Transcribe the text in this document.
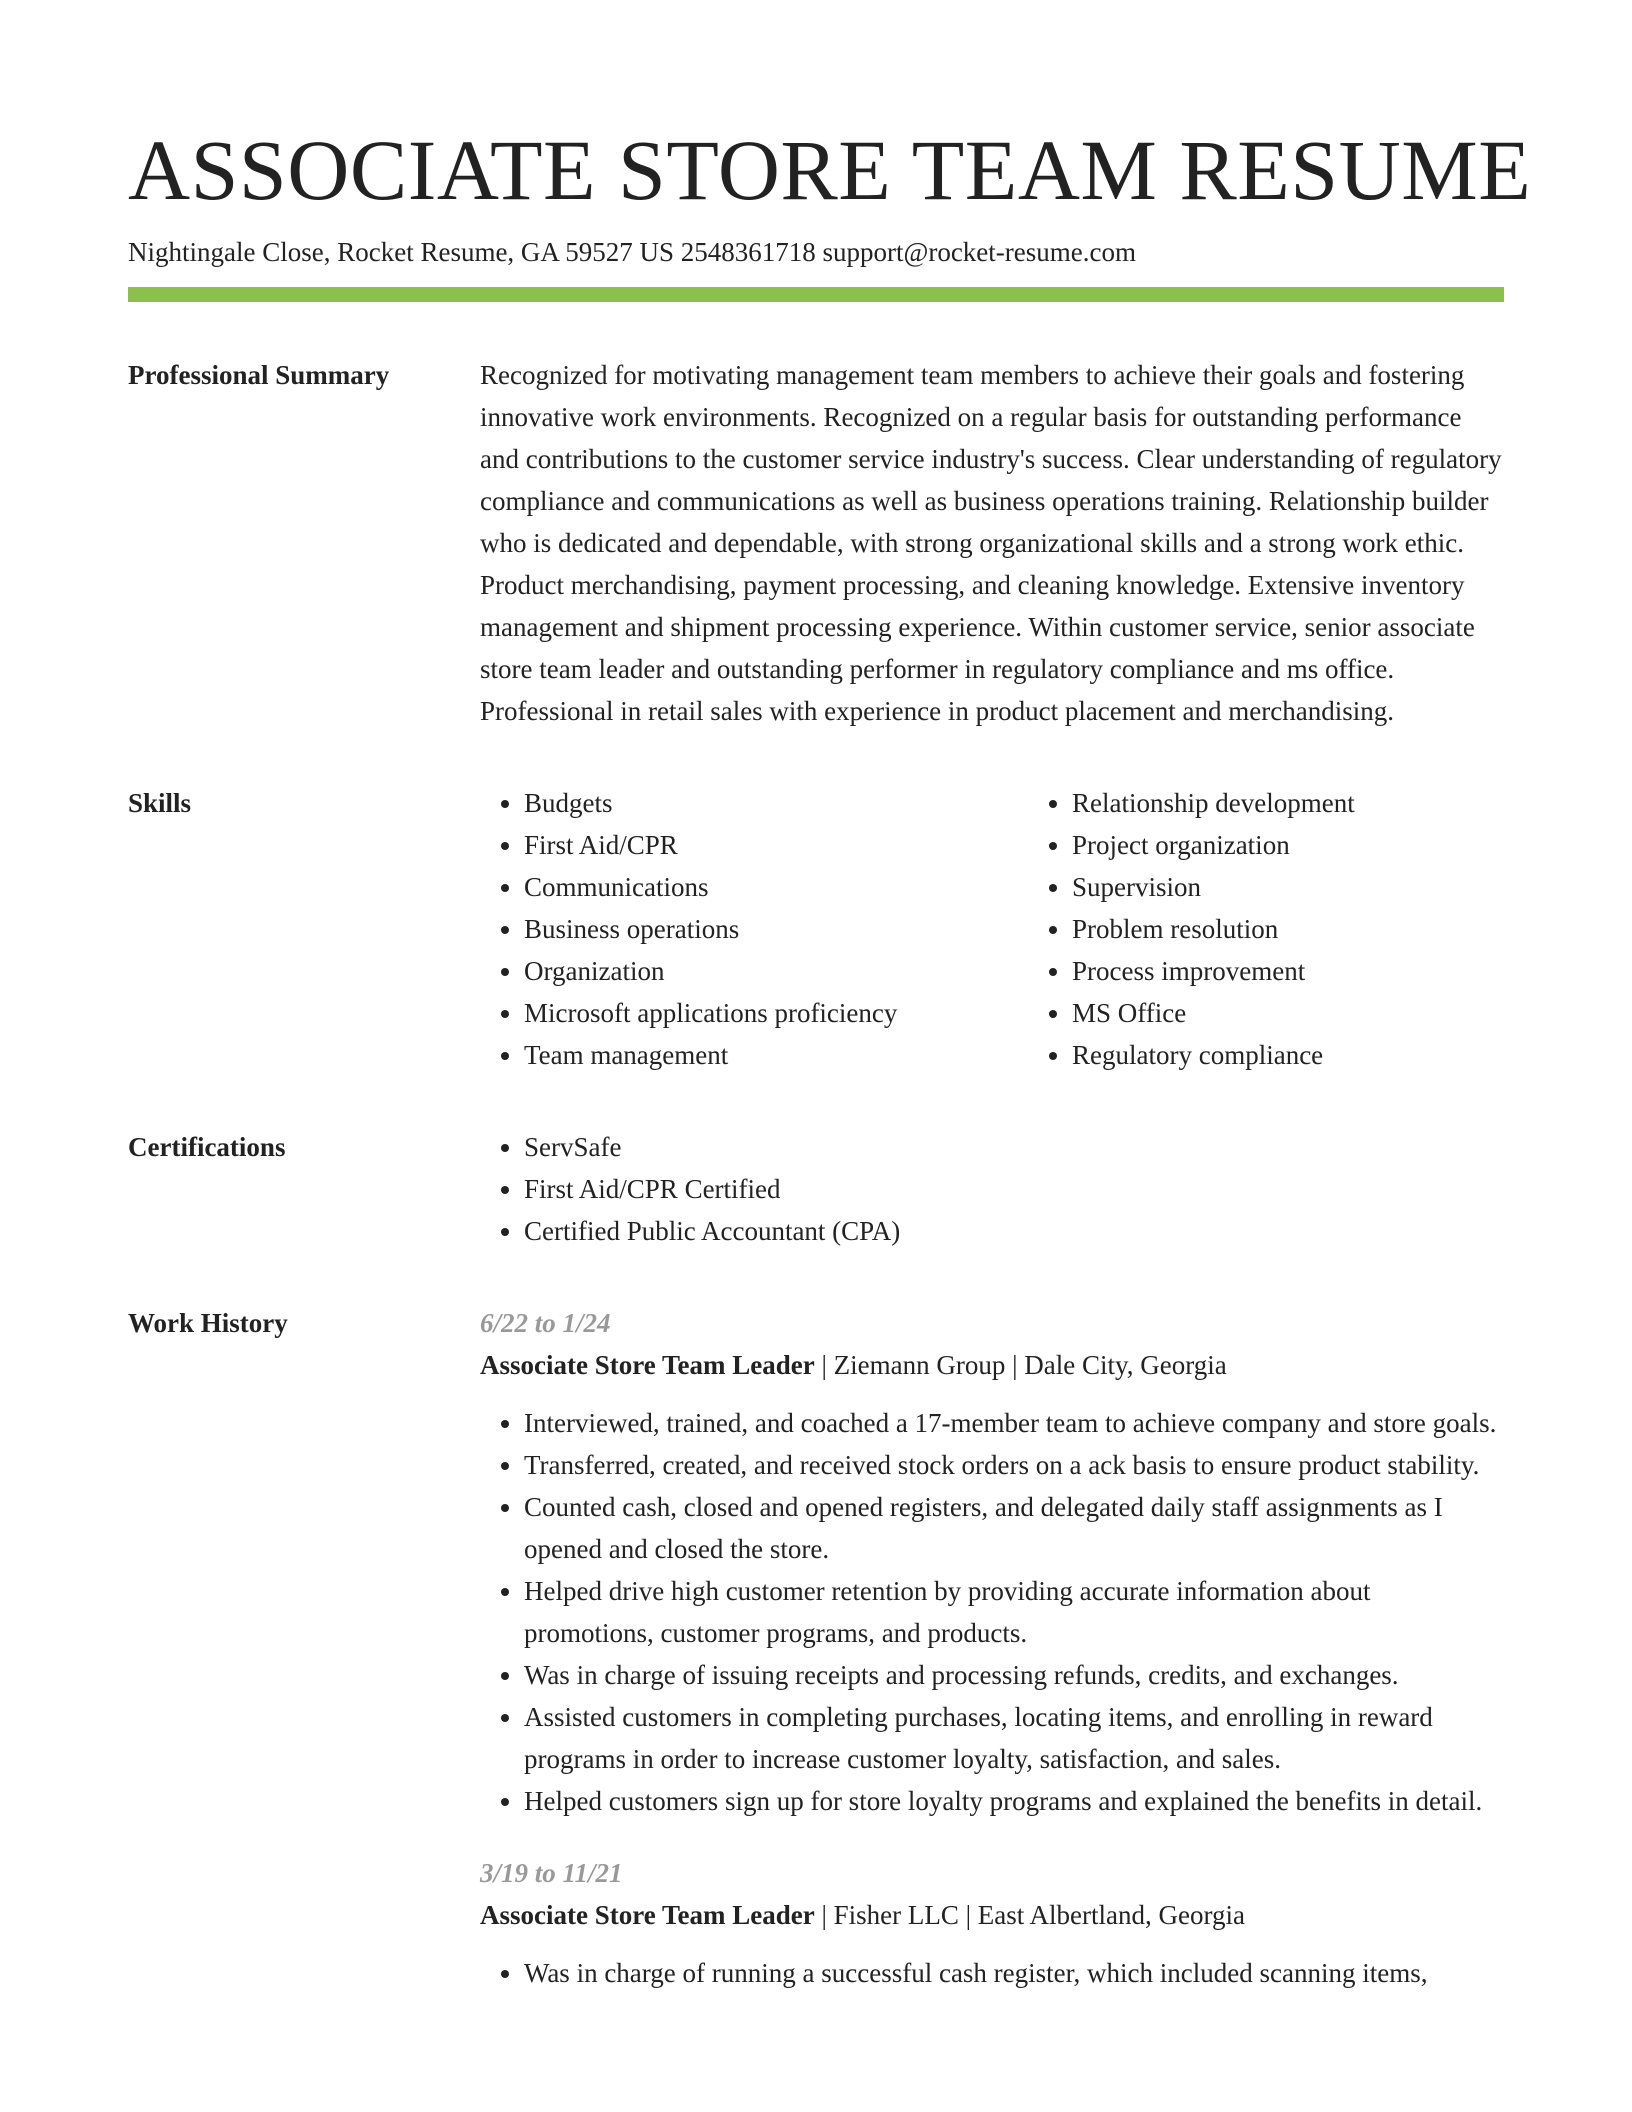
ASSOCIATE STORE TEAM RESUME
Nightingale Close, Rocket Resume, GA 59527 US 2548361718 support@rocket-resume.com
Professional Summary	Recognized for motivating management team members to achieve their goals and fostering innovative work environments. Recognized on a regular basis for outstanding performance and contributions to the customer service industry's success. Clear understanding of regulatory compliance and communications as well as business operations training. Relationship builder who is dedicated and dependable, with strong organizational skills and a strong work ethic. Product merchandising, payment processing, and cleaning knowledge. Extensive inventory management and shipment processing experience. Within customer service, senior associate store team leader and outstanding performer in regulatory compliance and ms office. Professional in retail sales with experience in product placement and merchandising.

Skills	• Budgets
• First Aid/CPR
• Communications
• Business operations
• Organization
• Microsoft applications proficiency
• Team management
• Relationship development
• Project organization
• Supervision
• Problem resolution
• Process improvement
• MS Office
• Regulatory compliance
Certifications	• ServSafe
• First Aid/CPR Certified
• Certified Public Accountant (CPA)
Work History	6/22 to 1/24
Associate Store Team Leader | Ziemann Group | Dale City, Georgia
• Interviewed, trained, and coached a 17-member team to achieve company and store goals.
• Transferred, created, and received stock orders on a ack basis to ensure product stability.
• Counted cash, closed and opened registers, and delegated daily staff assignments as I opened and closed the store.
• Helped drive high customer retention by providing accurate information about promotions, customer programs, and products.
• Was in charge of issuing receipts and processing refunds, credits, and exchanges.
• Assisted customers in completing purchases, locating items, and enrolling in reward programs in order to increase customer loyalty, satisfaction, and sales.
• Helped customers sign up for store loyalty programs and explained the benefits in detail.
3/19 to 11/21
Associate Store Team Leader | Fisher LLC | East Albertland, Georgia
• Was in charge of running a successful cash register, which included scanning items,
